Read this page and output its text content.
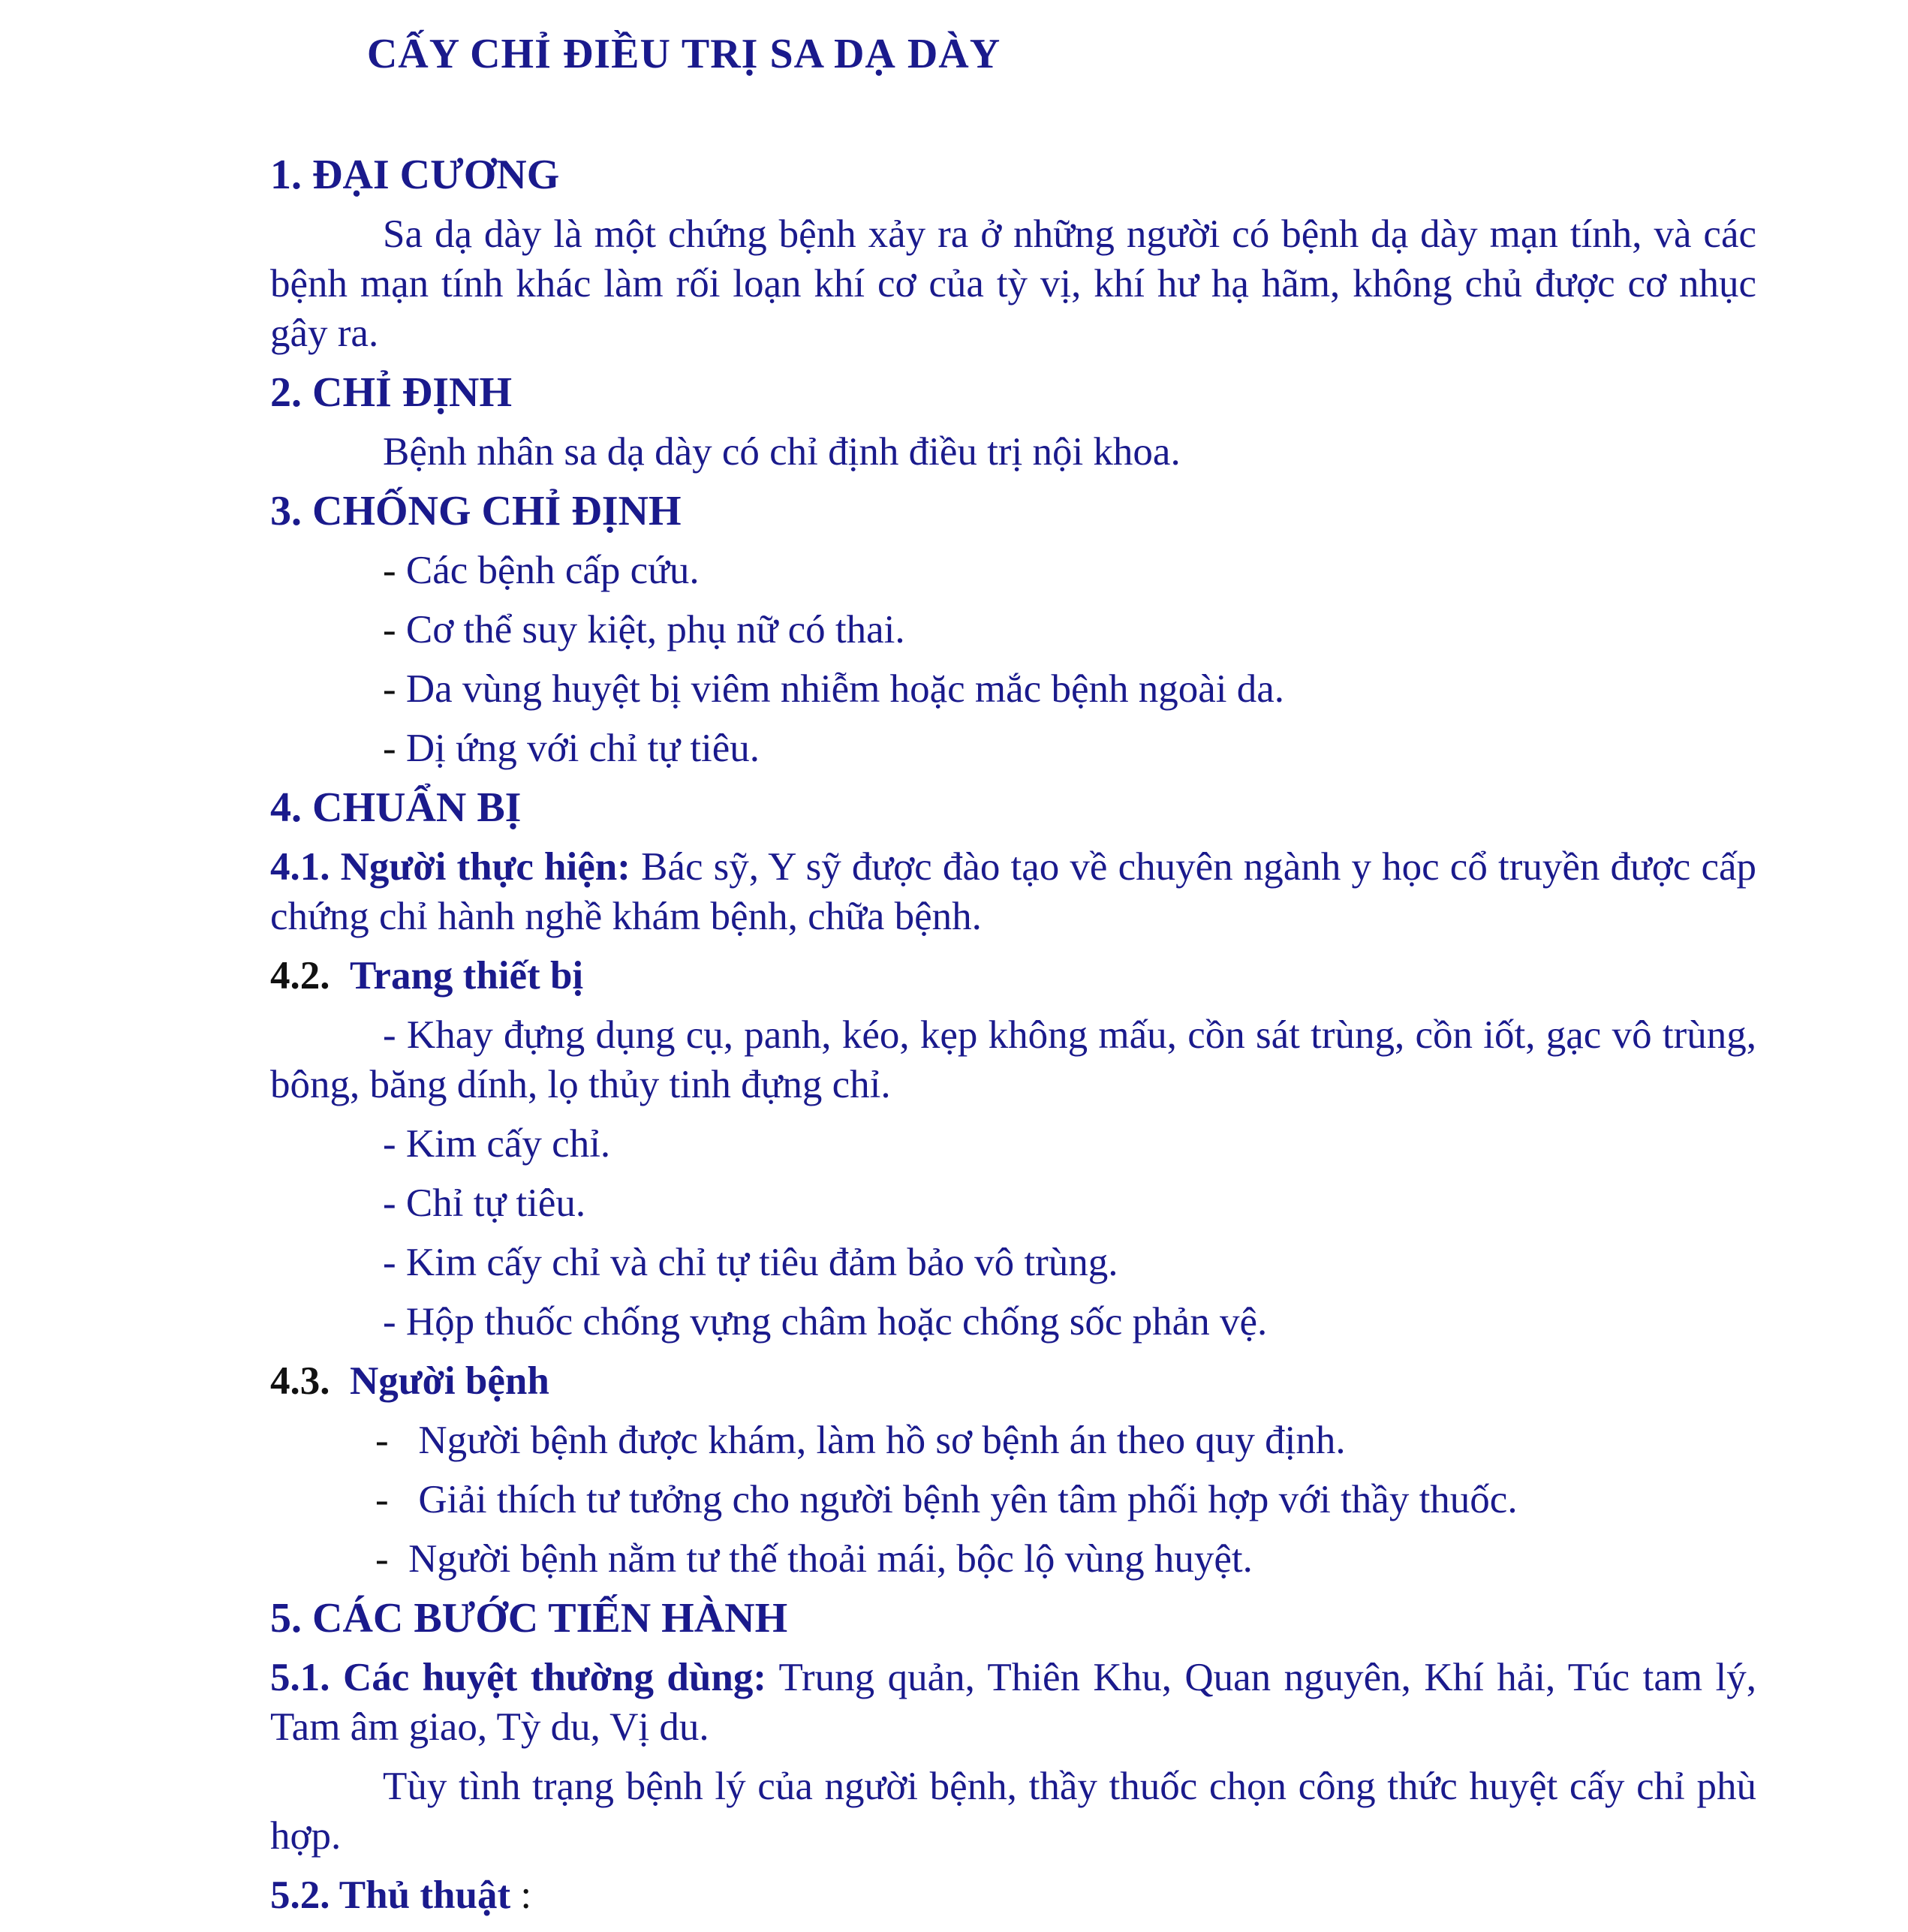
CẤY CHỈ ĐIỀU TRỊ SA DẠ DÀY
1. ĐẠI CƯƠNG
Sa dạ dày là một chứng bệnh xảy ra ở những người có bệnh dạ dày mạn tính, và các bệnh mạn tính khác làm rối loạn khí cơ của tỳ vị, khí hư hạ hãm, không chủ được cơ nhục gây ra.
2. CHỈ ĐỊNH
Bệnh nhân sa dạ dày có chỉ định điều trị nội khoa.
3. CHỐNG CHỈ ĐỊNH
- Các bệnh cấp cứu.
- Cơ thể suy kiệt, phụ nữ có thai.
- Da vùng huyệt bị viêm nhiễm hoặc mắc bệnh ngoài da.
- Dị ứng với chỉ tự tiêu.
4. CHUẨN BỊ
4.1. Người thực hiện: Bác sỹ, Y sỹ được đào tạo về chuyên ngành y học cổ truyền được cấp chứng chỉ hành nghề khám bệnh, chữa bệnh.
4.2. Trang thiết bị
- Khay đựng dụng cụ, panh, kéo, kẹp không mấu, cồn sát trùng, cồn iốt, gạc vô trùng, bông, băng dính, lọ thủy tinh đựng chỉ.
- Kim cấy chỉ.
- Chỉ tự tiêu.
- Kim cấy chỉ và chỉ tự tiêu đảm bảo vô trùng.
- Hộp thuốc chống vựng châm hoặc chống sốc phản vệ.
4.3. Người bệnh
-   Người bệnh được khám, làm hồ sơ bệnh án theo quy định.
-   Giải thích tư tưởng cho người bệnh yên tâm phối hợp với thầy thuốc.
-  Người bệnh nằm tư thế thoải mái, bộc lộ vùng huyệt.
5. CÁC BƯỚC TIẾN HÀNH
5.1. Các huyệt thường dùng: Trung quản, Thiên Khu, Quan nguyên, Khí hải, Túc tam lý, Tam âm giao, Tỳ du, Vị du.
Tùy tình trạng bệnh lý của người bệnh, thầy thuốc chọn công thức huyệt cấy chỉ phù hợp.
5.2. Thủ thuật :
